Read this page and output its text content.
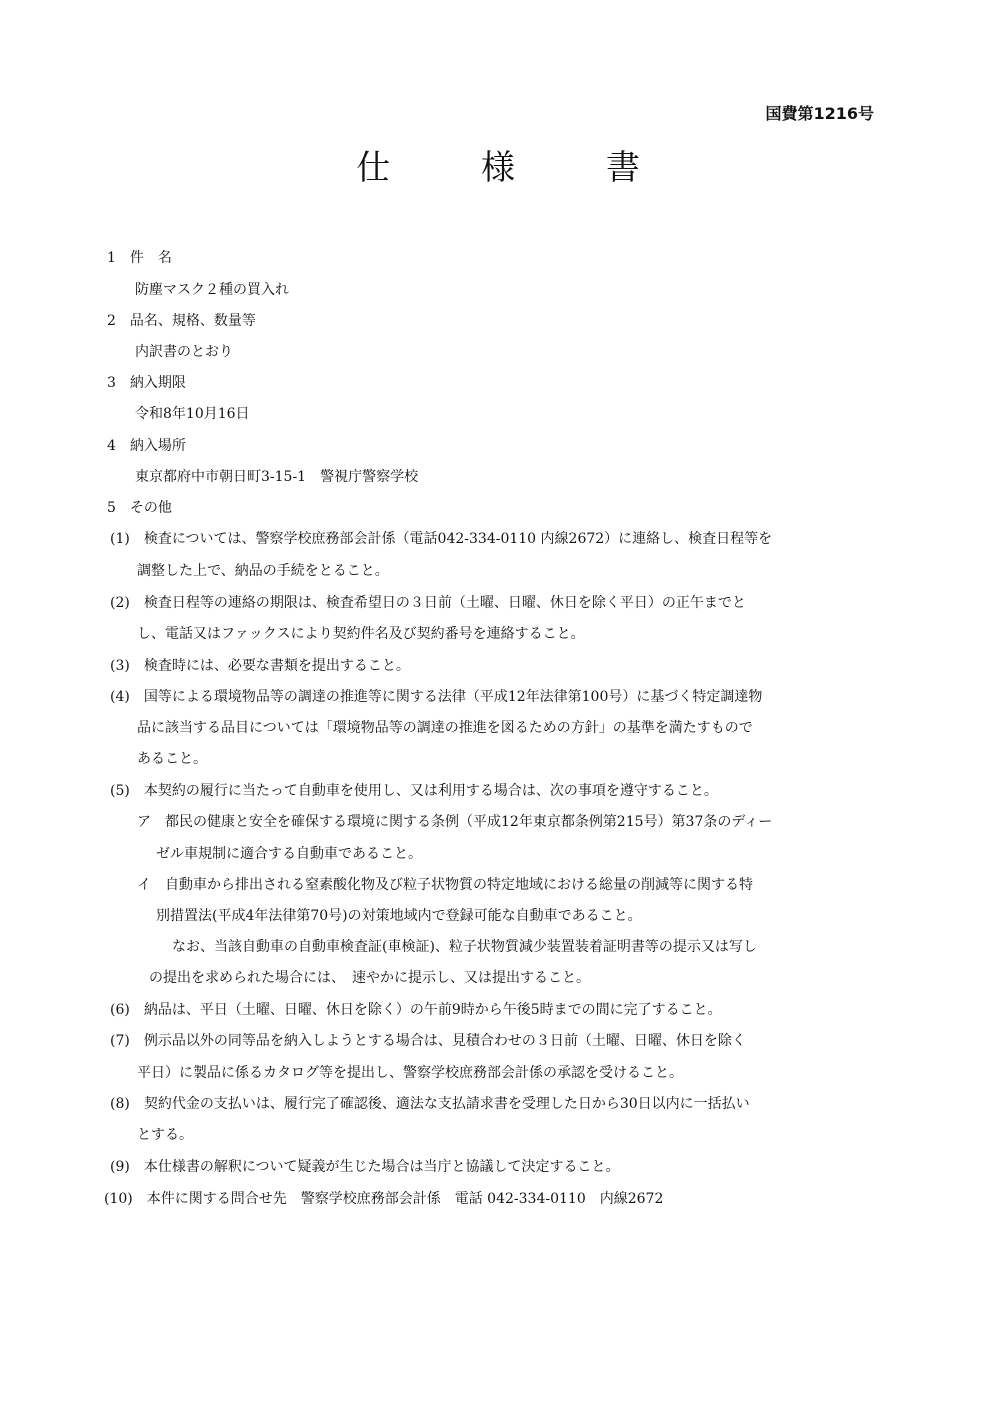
国費第1216号
仕	様	書
1　件　名
防塵マスク２種の買入れ
2　品名、規格、数量等
内訳書のとおり
3　納入期限
令和8年10月16日
4　納入場所
東京都府中市朝日町3-15-1　警視庁警察学校
5　その他
(1)　検査については、警察学校庶務部会計係（電話042-334-0110 内線2672）に連絡し、検査日程等を
調整した上で、納品の手続をとること。
(2)　検査日程等の連絡の期限は、検査希望日の３日前（土曜、日曜、休日を除く平日）の正午までと
し、電話又はファックスにより契約件名及び契約番号を連絡すること。
(3)　検査時には、必要な書類を提出すること。
(4)　国等による環境物品等の調達の推進等に関する法律（平成12年法律第100号）に基づく特定調達物
品に該当する品目については「環境物品等の調達の推進を図るための方針」の基準を満たすもので
あること。
(5)　本契約の履行に当たって自動車を使用し、又は利用する場合は、次の事項を遵守すること。
ア　都民の健康と安全を確保する環境に関する条例（平成12年東京都条例第215号）第37条のディー
ゼル車規制に適合する自動車であること。
イ　自動車から排出される窒素酸化物及び粒子状物質の特定地域における総量の削減等に関する特
別措置法(平成4年法律第70号)の対策地域内で登録可能な自動車であること。
なお、当該自動車の自動車検査証(車検証)、粒子状物質減少装置装着証明書等の提示又は写し
の提出を求められた場合には、　速やかに提示し、又は提出すること。
(6)　納品は、平日（土曜、日曜、休日を除く）の午前9時から午後5時までの間に完了すること。
(7)　例示品以外の同等品を納入しようとする場合は、見積合わせの３日前（土曜、日曜、休日を除く
平日）に製品に係るカタログ等を提出し、警察学校庶務部会計係の承認を受けること。
(8)　契約代金の支払いは、履行完了確認後、適法な支払請求書を受理した日から30日以内に一括払い
とする。
(9)　本仕様書の解釈について疑義が生じた場合は当庁と協議して決定すること。
(10)　本件に関する問合せ先　警察学校庶務部会計係　電話 042-334-0110　内線2672
